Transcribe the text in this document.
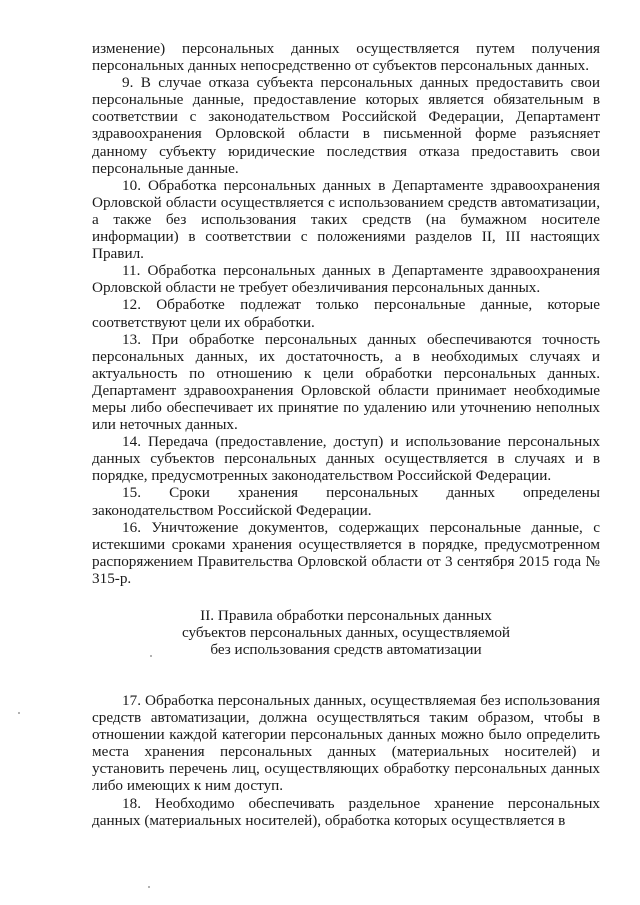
изменение) персональных данных осуществляется путем получения персональных данных непосредственно от субъектов персональных данных.

9. В случае отказа субъекта персональных данных предоставить свои персональные данные, предоставление которых является обязательным в соответствии с законодательством Российской Федерации, Департамент здравоохранения Орловской области в письменной форме разъясняет данному субъекту юридические последствия отказа предоставить свои персональные данные.

10. Обработка персональных данных в Департаменте здравоохранения Орловской области осуществляется с использованием средств автоматизации, а также без использования таких средств (на бумажном носителе информации) в соответствии с положениями разделов II, III настоящих Правил.

11. Обработка персональных данных в Департаменте здравоохранения Орловской области не требует обезличивания персональных данных.

12. Обработке подлежат только персональные данные, которые соответствуют цели их обработки.

13. При обработке персональных данных обеспечиваются точность персональных данных, их достаточность, а в необходимых случаях и актуальность по отношению к цели обработки персональных данных. Департамент здравоохранения Орловской области принимает необходимые меры либо обеспечивает их принятие по удалению или уточнению неполных или неточных данных.

14. Передача (предоставление, доступ) и использование персональных данных субъектов персональных данных осуществляется в случаях и в порядке, предусмотренных законодательством Российской Федерации.

15. Сроки хранения персональных данных определены законодательством Российской Федерации.

16. Уничтожение документов, содержащих персональные данные, с истекшими сроками хранения осуществляется в порядке, предусмотренном распоряжением Правительства Орловской области от 3 сентября 2015 года № 315-р.

II. Правила обработки персональных данных
субъектов персональных данных, осуществляемой
без использования средств автоматизации

17. Обработка персональных данных, осуществляемая без использования средств автоматизации, должна осуществляться таким образом, чтобы в отношении каждой категории персональных данных можно было определить места хранения персональных данных (материальных носителей) и установить перечень лиц, осуществляющих обработку персональных данных либо имеющих к ним доступ.

18. Необходимо обеспечивать раздельное хранение персональных данных (материальных носителей), обработка которых осуществляется в
